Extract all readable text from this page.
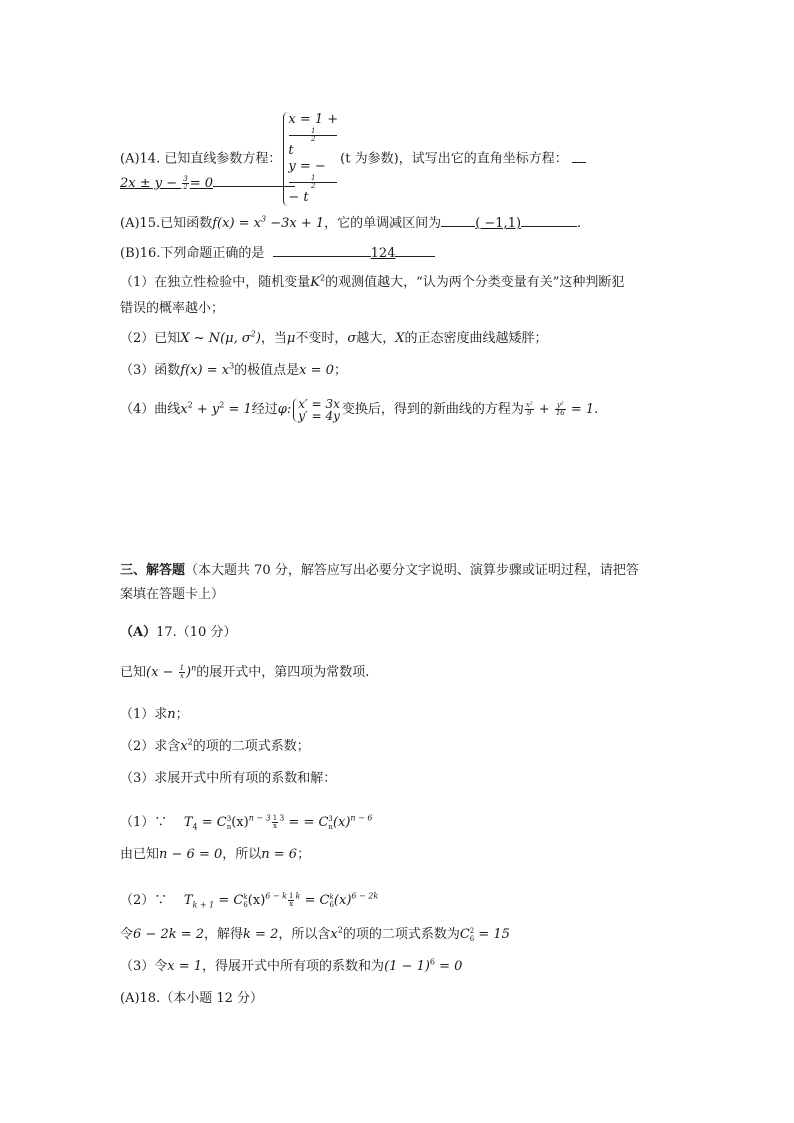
(A)14. 已知直线参数方程：
x = 1 +
1
2
t
y = −
1
2
− t
(t 为参数)，试写出它的直角坐标方程：
$2x \pm y - \frac{3}{2} = 0$
(A)15.已知函数$f(x) = x^3 -3x + 1$，它的单调减区间为	( −1,1)	.
(B)16.下列命题正确的是	124
（1）在独立性检验中，随机变量$K^2$的观测值越大，“认为两个分类变量有关”这种判断犯
错误的概率越小；
（2）已知X ~ N(μ, $\sigma^2$)，当μ不变时，σ越大，X的正态密度曲线越矮胖；
（3）函数$f(x) = x^3$的极值点是x = 0；
（4）曲线$x^2 + y^2 = 1$经过φ: x′ = 3x
y′ = 4y 变换后，得到的新曲线的方程为 $\frac{\text{x²}}{9} + \frac{\text{y²}}{16} = 1$.
三、解答题（本大题共 70 分，解答应写出必要分文字说明、演算步骤或证明过程，请把答
案填在答题卡上）
（A）17.（10 分）
已知$(x - \frac{1}{x} )^n$的展开式中，第四项为常数项.
（1）求n；
（2）求含$x^2$的项的二项式系数；
（3）求展开式中所有项的系数和解：
（1）∵ $T_4 = C$ 3
n $(x)^{n - 3} \frac{1}{x} ^3$ = = C 3
n $(x)^{n - 6}$
由已知n − 6 = 0，所以n = 6；
（2）∵ $T_{k + 1} = C$ k
6 $(x)^{6 - k} \frac{1}{x} ^k = C$ k
6 $(x)^{6 - 2k}$
令6 − 2k = 2，解得k = 2，所以含$x^2$的项的二项式系数为C 2
6 = 15
（3）令x = 1，得展开式中所有项的系数和为$(1 - 1)^6 = 0$
(A)18.（本小题 12 分）
